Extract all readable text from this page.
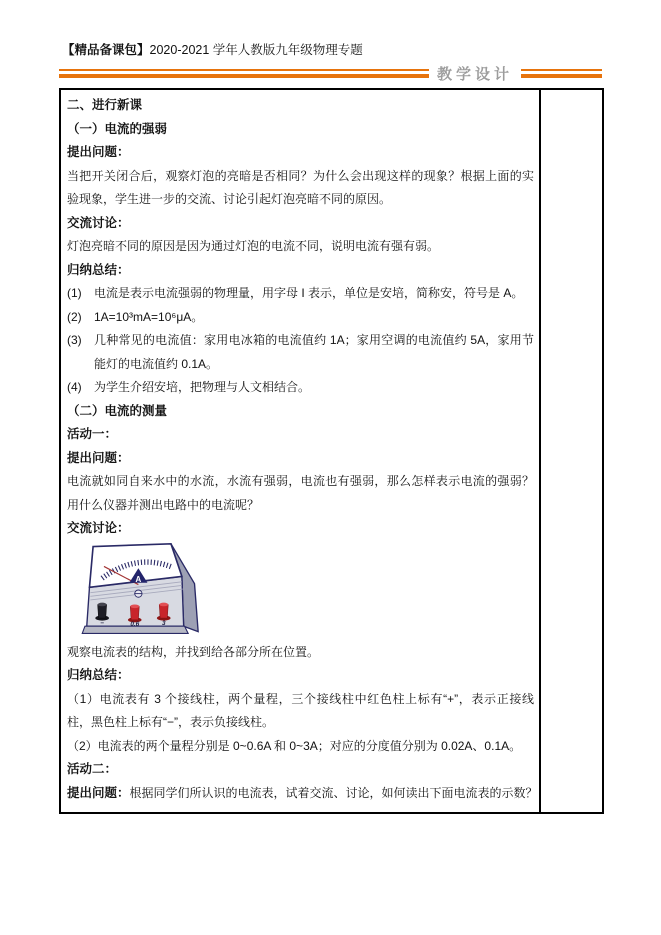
【精品备课包】2020-2021 学年人教版九年级物理专题
教学设计

二、进行新课

（一）电流的强弱

提出问题：

当把开关闭合后，观察灯泡的亮暗是否相同？为什么会出现这样的现象？根据上面的实验现象，学生进一步的交流、讨论引起灯泡亮暗不同的原因。

交流讨论：

灯泡亮暗不同的原因是因为通过灯泡的电流不同，说明电流有强有弱。

归纳总结：

(1)	电流是表示电流强弱的物理量，用字母 I 表示，单位是安培，简称安，符号是 A。
(2)	1A=10³mA=10⁶μA。
(3)	几种常见的电流值：家用电冰箱的电流值约 1A；家用空调的电流值约 5A，家用节能灯的电流值约 0.1A。
(4)	为学生介绍安培，把物理与人文相结合。

（二）电流的测量

活动一：

提出问题：

电流就如同自来水中的水流，水流有强弱，电流也有强弱，那么怎样表示电流的强弱？用什么仪器并测出电路中的电流呢？

交流讨论：

A
−	0.6	3

观察电流表的结构，并找到给各部分所在位置。

归纳总结：

（1）电流表有 3 个接线柱，两个量程，三个接线柱中红色柱上标有“+”，表示正接线柱，黑色柱上标有“−”，表示负接线柱。

（2）电流表的两个量程分别是 0~0.6A 和 0~3A；对应的分度值分别为 0.02A、0.1A。

活动二：

提出问题：根据同学们所认识的电流表，试着交流、讨论，如何读出下面电流表的示数？
